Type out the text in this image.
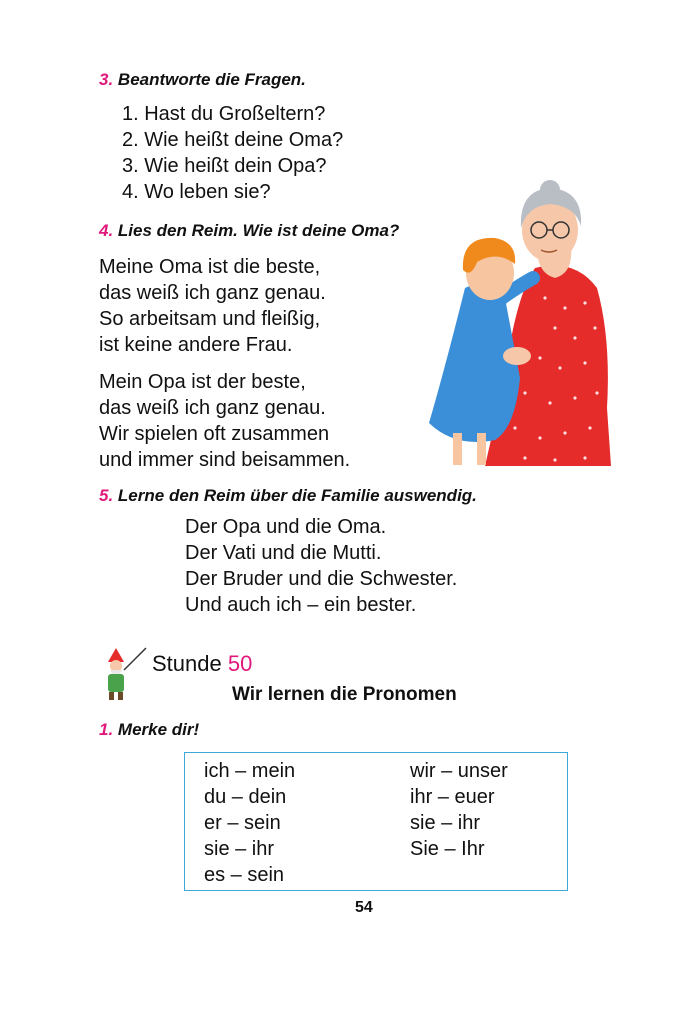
3. Beantworte die Fragen.
1. Hast du Großeltern?
2. Wie heißt deine Oma?
3. Wie heißt dein Opa?
4. Wo leben sie?
4. Lies den Reim. Wie ist deine Oma?
Meine Oma ist die beste,
das weiß ich ganz genau.
So arbeitsam und fleißig,
ist keine andere Frau.
Mein Opa ist der beste,
das weiß ich ganz genau.
Wir spielen oft zusammen
und immer sind beisammen.
5. Lerne den Reim über die Familie auswendig.
Der Opa und die Oma.
Der Vati und die Mutti.
Der Bruder und die Schwester.
Und auch ich – ein bester.
Stunde 50
Wir lernen die Pronomen
1. Merke dir!
ich – mein
du – dein
er – sein
sie – ihr
es – sein
wir – unser
ihr – euer
sie – ihr
Sie – Ihr
54
